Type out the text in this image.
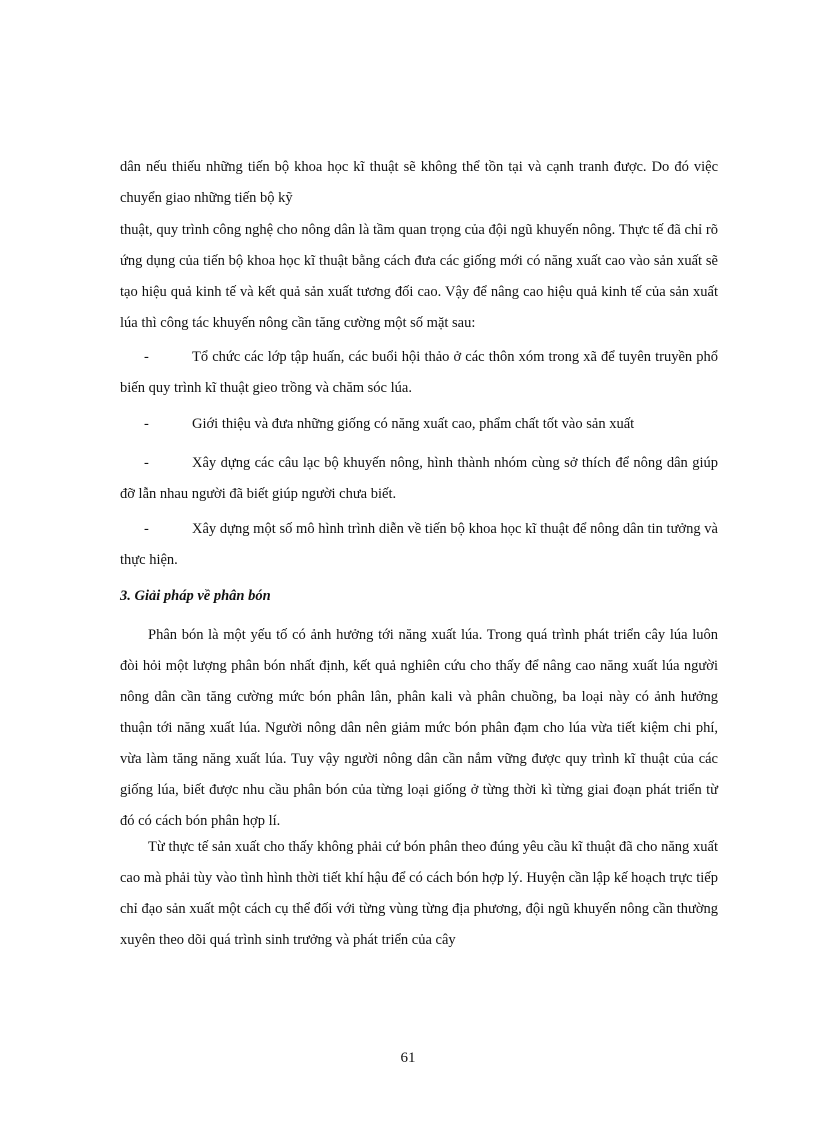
dân nếu thiếu những tiến bộ khoa học kĩ thuật sẽ không thể tồn tại và cạnh tranh được. Do đó việc chuyển giao những tiến bộ kỹ

thuật, quy trình công nghệ cho nông dân là tầm quan trọng của đội ngũ khuyến nông. Thực tế đã chỉ rõ ứng dụng của tiến bộ khoa học kĩ thuật bằng cách đưa các giống mới có năng xuất cao vào sản xuất sẽ tạo hiệu quả kinh tế và kết quả sản xuất tương đối cao. Vậy để nâng cao hiệu quả kinh tế của sản xuất lúa thì công tác khuyến nông cần tăng cường một số mặt sau:

-	Tổ chức các lớp tập huấn, các buổi hội thảo ở các thôn xóm trong xã để tuyên truyền phổ biến quy trình kĩ thuật gieo trồng và chăm sóc lúa.
-	Giới thiệu và đưa những giống có năng xuất cao, phẩm chất tốt vào sản xuất
-	Xây dựng các câu lạc bộ khuyến nông, hình thành nhóm cùng sở thích để nông dân giúp đỡ lẫn nhau người đã biết giúp người chưa biết.
-	Xây dựng một số mô hình trình diễn về tiến bộ khoa học kĩ thuật để nông dân tin tưởng và thực hiện.
3. Giải pháp về phân bón

Phân bón là một yếu tố có ảnh hưởng tới năng xuất lúa. Trong quá trình phát triển cây lúa luôn đòi hỏi một lượng phân bón nhất định, kết quả nghiên cứu cho thấy để nâng cao năng xuất lúa người nông dân cần tăng cường mức bón phân lân, phân kali và phân chuồng, ba loại này có ảnh hưởng thuận tới năng xuất lúa. Người nông dân nên giảm mức bón phân đạm cho lúa vừa tiết kiệm chi phí, vừa làm tăng năng xuất lúa. Tuy vậy người nông dân cần nắm vững được quy trình kĩ thuật của các giống lúa, biết được nhu cầu phân bón của từng loại giống ở từng thời kì từng giai đoạn phát triển từ đó có cách bón phân hợp lí.

Từ thực tế sản xuất cho thấy không phải cứ bón phân theo đúng yêu cầu kĩ thuật đã cho năng xuất cao mà phải tùy vào tình hình thời tiết khí hậu để có cách bón hợp lý. Huyện cần lập kế hoạch trực tiếp chỉ đạo sản xuất một cách cụ thể đối với từng vùng từng địa phương, đội ngũ khuyến nông cần thường xuyên theo dõi quá trình sinh trưởng và phát triển của cây

61
